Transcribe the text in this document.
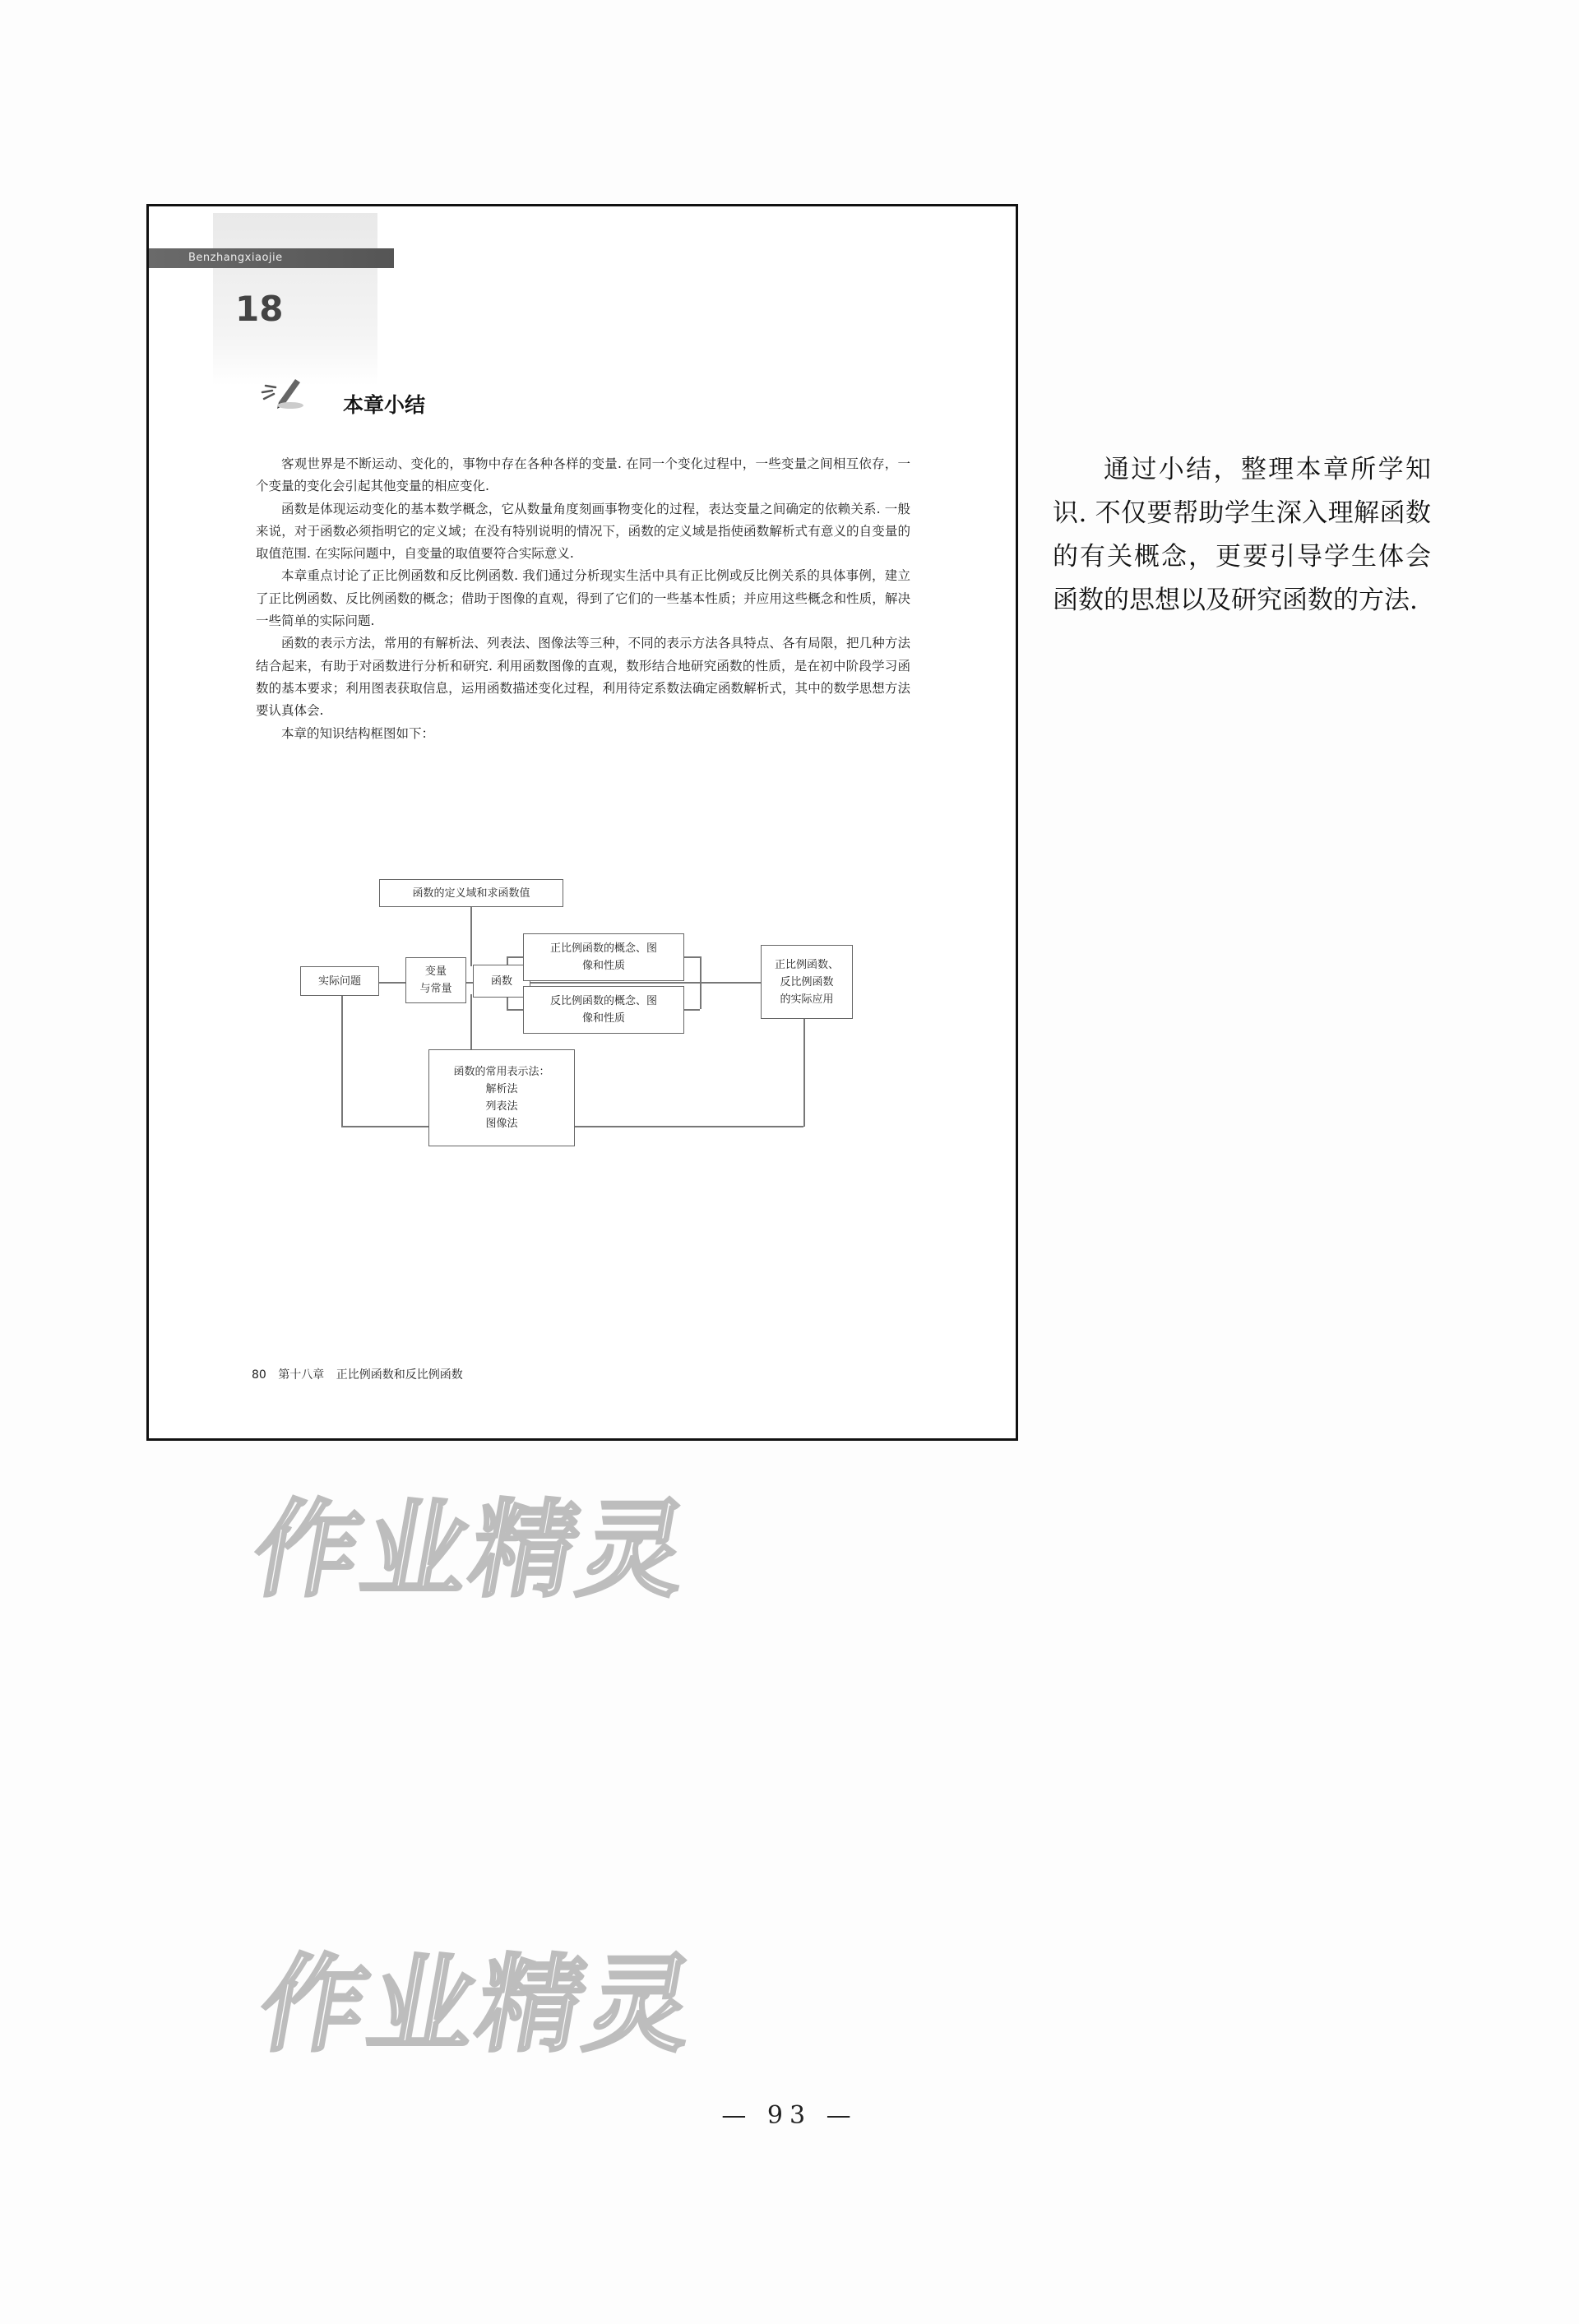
Benzhangxiaojie
18
本章小结

客观世界是不断运动、变化的，事物中存在各种各样的变量. 在同一个变化过程中，一些变量之间相互依存，一个变量的变化会引起其他变量的相应变化.

函数是体现运动变化的基本数学概念，它从数量角度刻画事物变化的过程，表达变量之间确定的依赖关系. 一般来说，对于函数必须指明它的定义域；在没有特别说明的情况下，函数的定义域是指使函数解析式有意义的自变量的取值范围. 在实际问题中，自变量的取值要符合实际意义.

本章重点讨论了正比例函数和反比例函数. 我们通过分析现实生活中具有正比例或反比例关系的具体事例，建立了正比例函数、反比例函数的概念；借助于图像的直观，得到了它们的一些基本性质；并应用这些概念和性质，解决一些简单的实际问题.

函数的表示方法，常用的有解析法、列表法、图像法等三种，不同的表示方法各具特点、各有局限，把几种方法结合起来，有助于对函数进行分析和研究. 利用函数图像的直观，数形结合地研究函数的性质，是在初中阶段学习函数的基本要求；利用图表获取信息，运用函数描述变化过程，利用待定系数法确定函数解析式，其中的数学思想方法要认真体会.

本章的知识结构框图如下：

函数的定义域和求函数值
实际问题
变量
与常量
函数
正比例函数的概念、图
像和性质
反比例函数的概念、图
像和性质
正比例函数、
反比例函数
的实际应用
函数的常用表示法：
解析法
列表法
图像法
80 第十八章 正比例函数和反比例函数

通过小结，整理本章所学知识. 不仅要帮助学生深入理解函数的有关概念，更要引导学生体会函数的思想以及研究函数的方法.

作业精灵
作业精灵
— 93 —
